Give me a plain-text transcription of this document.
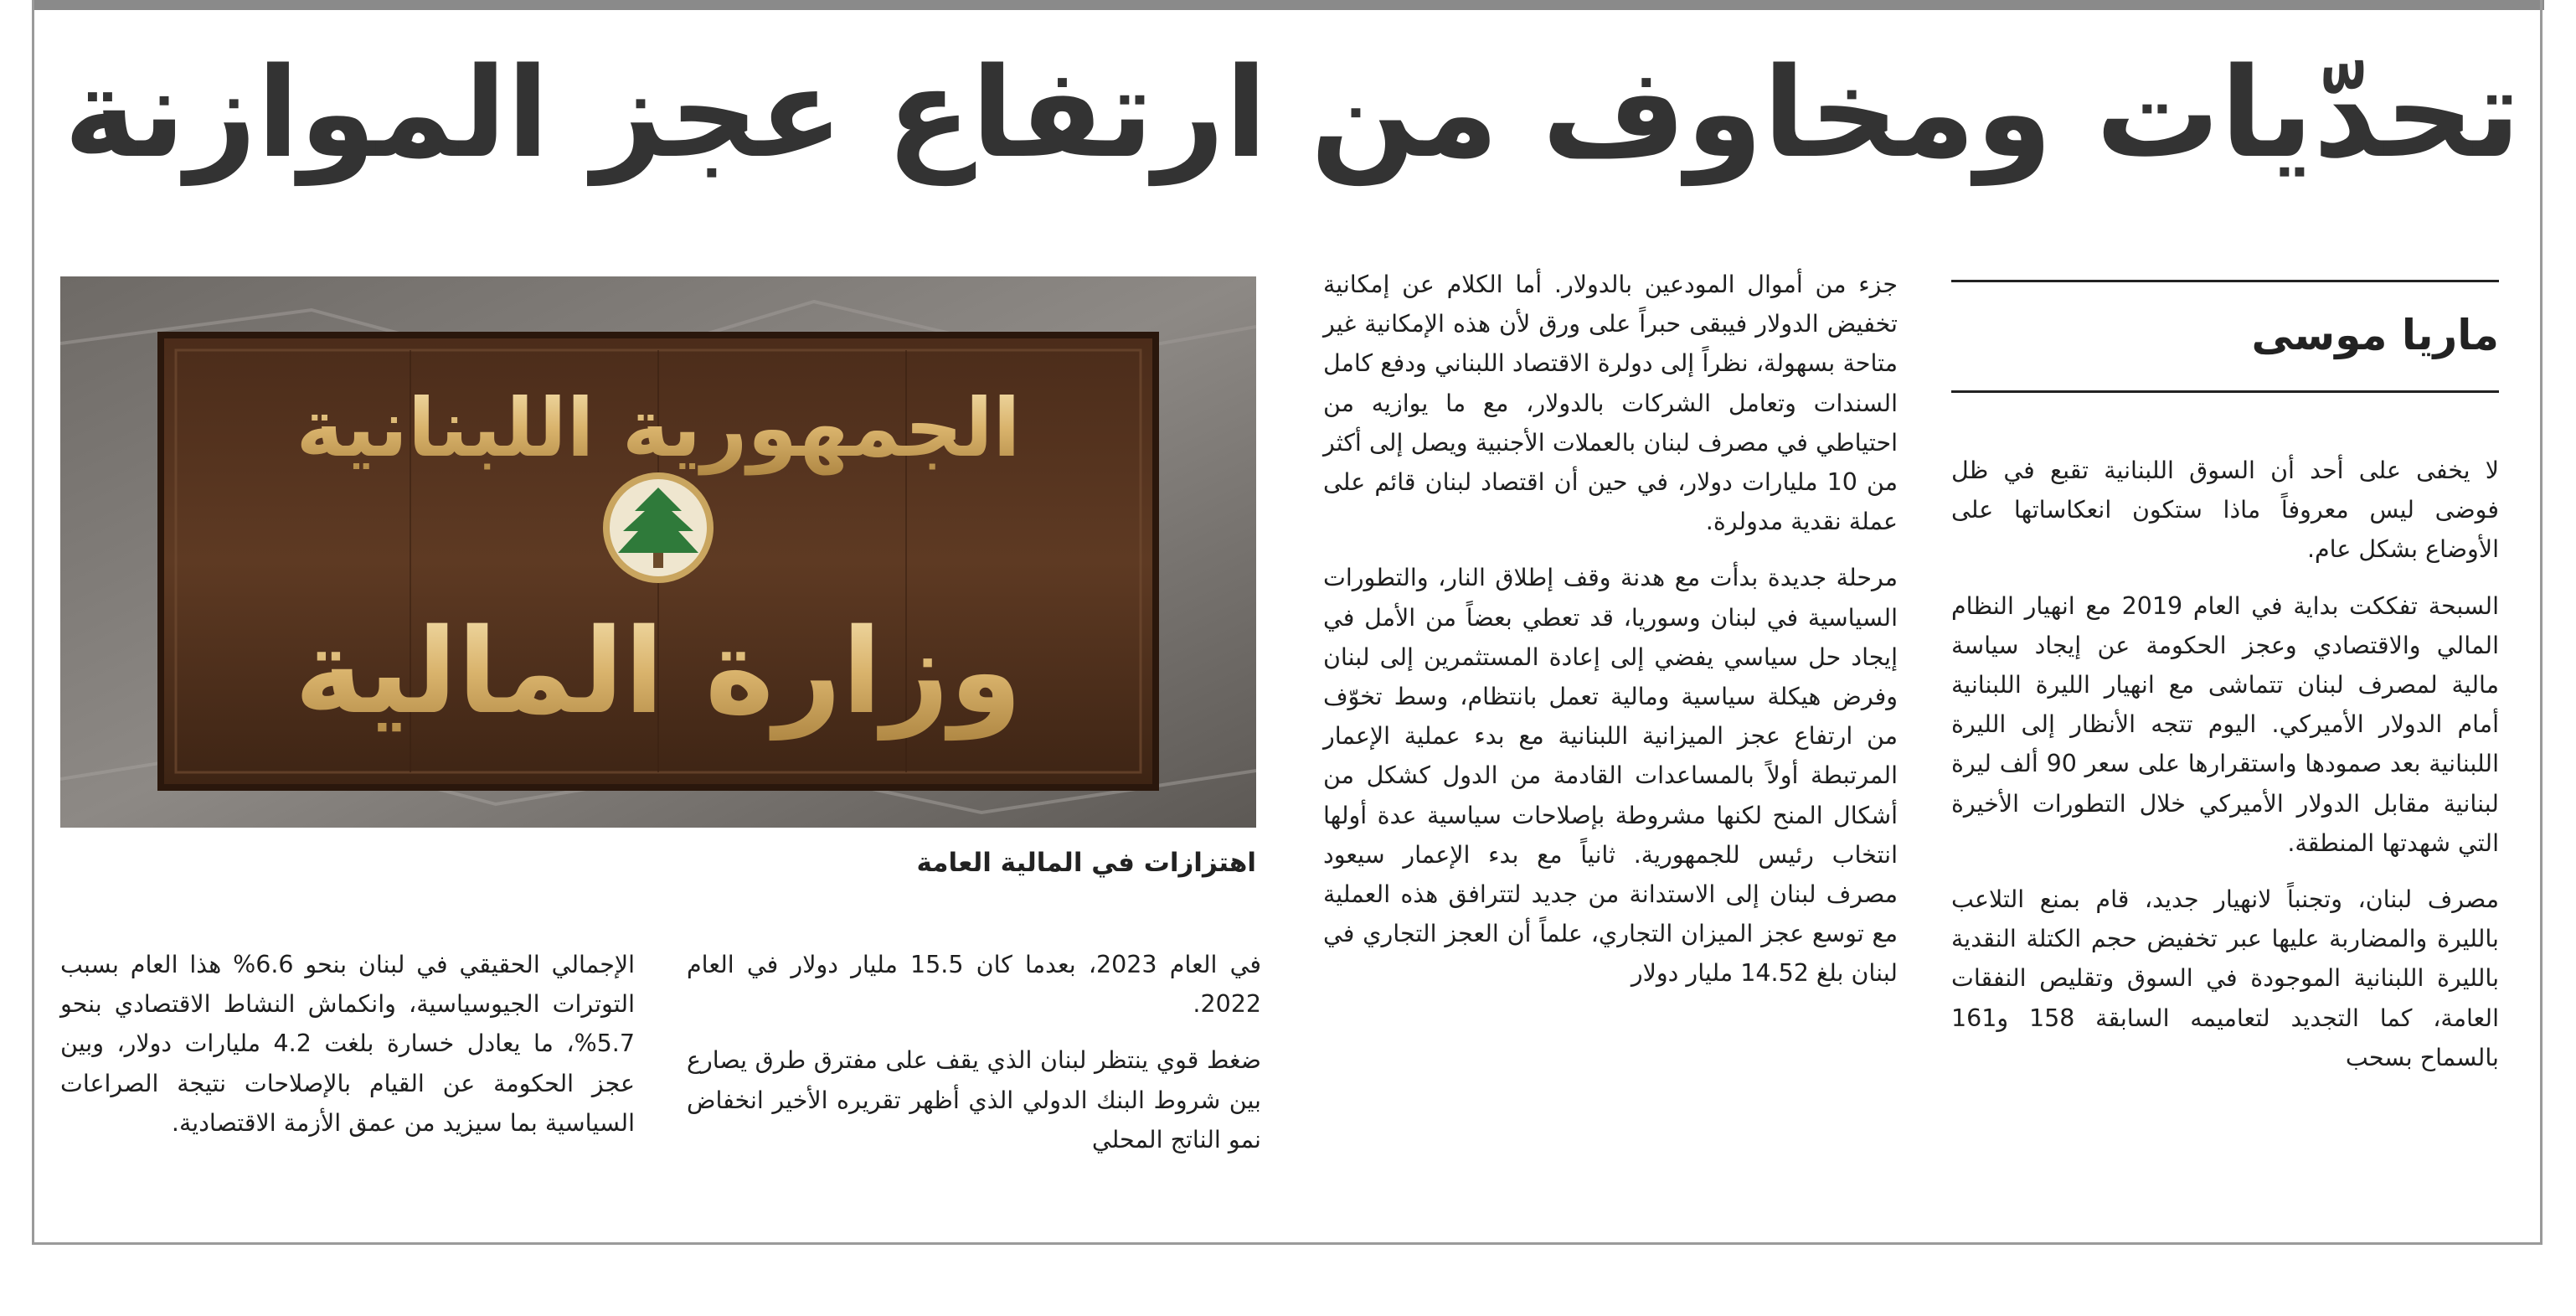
تحدّيات ومخاوف من ارتفاع عجز الموازنة
ماريا موسى

لا يخفى على أحد أن السوق اللبنانية تقبع في ظل فوضى ليس معروفاً ماذا ستكون انعكاساتها على الأوضاع بشكل عام.

السبحة تفككت بداية في العام 2019 مع انهيار النظام المالي والاقتصادي وعجز الحكومة عن إيجاد سياسة مالية لمصرف لبنان تتماشى مع انهيار الليرة اللبنانية أمام الدولار الأميركي. اليوم تتجه الأنظار إلى الليرة اللبنانية بعد صمودها واستقرارها على سعر 90 ألف ليرة لبنانية مقابل الدولار الأميركي خلال التطورات الأخيرة التي شهدتها المنطقة.

مصرف لبنان، وتجنباً لانهيار جديد، قام بمنع التلاعب بالليرة والمضاربة عليها عبر تخفيض حجم الكتلة النقدية بالليرة اللبنانية الموجودة في السوق وتقليص النفقات العامة، كما التجديد لتعاميمه السابقة 158 و161 بالسماح بسحب

جزء من أموال المودعين بالدولار. أما الكلام عن إمكانية تخفيض الدولار فيبقى حبراً على ورق لأن هذه الإمكانية غير متاحة بسهولة، نظراً إلى دولرة الاقتصاد اللبناني ودفع كامل السندات وتعامل الشركات بالدولار، مع ما يوازيه من احتياطي في مصرف لبنان بالعملات الأجنبية ويصل إلى أكثر من 10 مليارات دولار، في حين أن اقتصاد لبنان قائم على عملة نقدية مدولرة.

مرحلة جديدة بدأت مع هدنة وقف إطلاق النار، والتطورات السياسية في لبنان وسوريا، قد تعطي بعضاً من الأمل في إيجاد حل سياسي يفضي إلى إعادة المستثمرين إلى لبنان وفرض هيكلة سياسية ومالية تعمل بانتظام، وسط تخوّف من ارتفاع عجز الميزانية اللبنانية مع بدء عملية الإعمار المرتبطة أولاً بالمساعدات القادمة من الدول كشكل من أشكال المنح لكنها مشروطة بإصلاحات سياسية عدة أولها انتخاب رئيس للجمهورية. ثانياً مع بدء الإعمار سيعود مصرف لبنان إلى الاستدانة من جديد لتترافق هذه العملية مع توسع عجز الميزان التجاري، علماً أن العجز التجاري في لبنان بلغ 14.52 مليار دولار

الجمهورية اللبنانية
وزارة المالية
اهتزازات في المالية العامة

في العام 2023، بعدما كان 15.5 مليار دولار في العام 2022.

ضغط قوي ينتظر لبنان الذي يقف على مفترق طرق يصارع بين شروط البنك الدولي الذي أظهر تقريره الأخير انخفاض نمو الناتج المحلي

الإجمالي الحقيقي في لبنان بنحو 6.6% هذا العام بسبب التوترات الجيوسياسية، وانكماش النشاط الاقتصادي بنحو 5.7%، ما يعادل خسارة بلغت 4.2 مليارات دولار، وبين عجز الحكومة عن القيام بالإصلاحات نتيجة الصراعات السياسية بما سيزيد من عمق الأزمة الاقتصادية.
